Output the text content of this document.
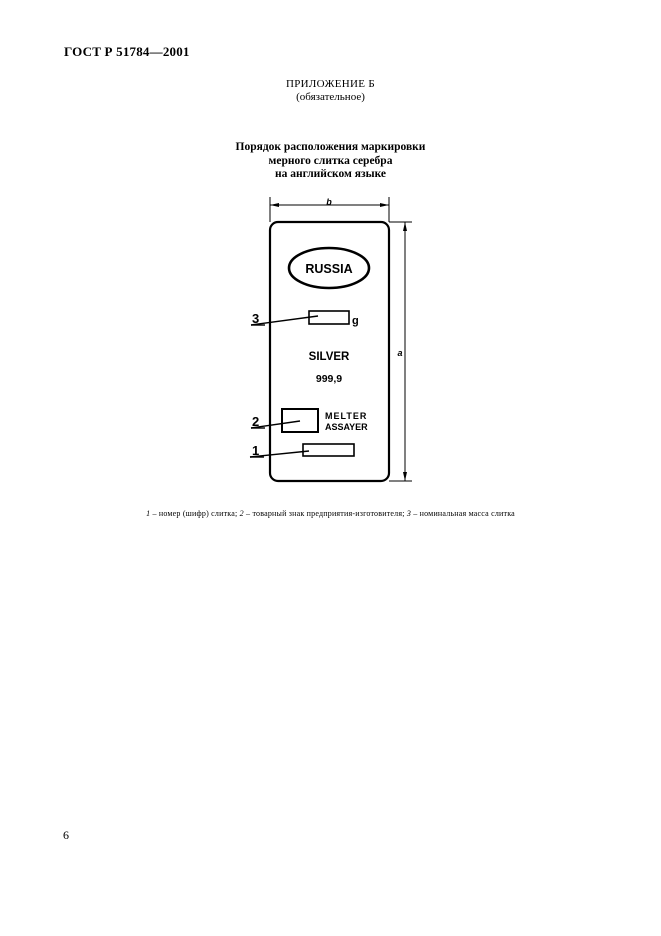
ГОСТ Р 51784—2001
ПРИЛОЖЕНИЕ Б
(обязательное)
Порядок расположения маркировки
мерного слитка серебра
на английском языке
b
a
RUSSIA
g
3
SILVER
999,9
MELTER
ASSAYER
2
1
1 – номер (шифр) слитка; 2 – товарный знак предприятия-изготовителя; 3 – номинальная масса слитка
6
